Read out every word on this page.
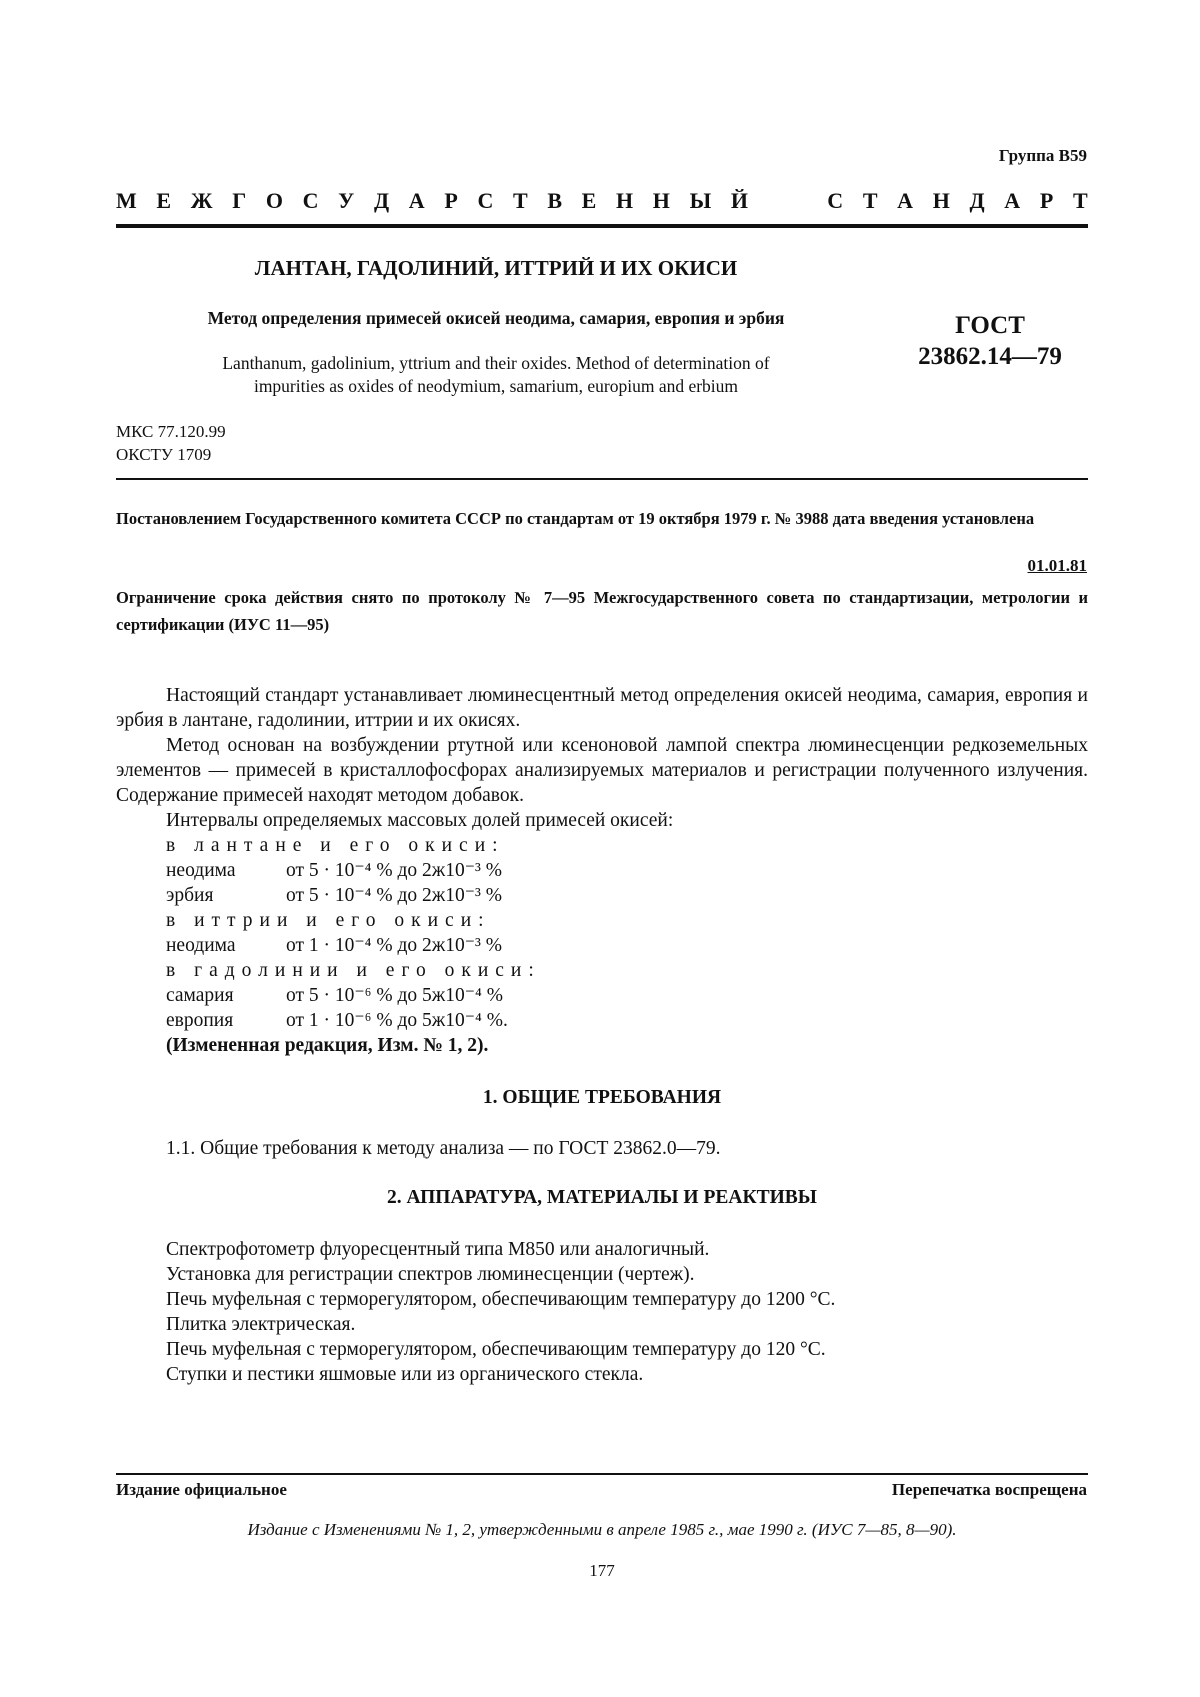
Группа В59
М Е Ж Г О С У Д А Р С Т В Е Н Н Ы Й	С Т А Н Д А Р Т
ЛАНТАН, ГАДОЛИНИЙ, ИТТРИЙ И ИХ ОКИСИ
Метод определения примесей окисей неодима, самария, европия и эрбия
Lanthanum, gadolinium, yttrium and their oxides. Method of determination of
impurities as oxides of neodymium, samarium, europium and erbium
ГОСТ
23862.14—79
МКС 77.120.99
ОКСТУ 1709
Постановлением Государственного комитета СССР по стандартам от 19 октября 1979 г. № 3988 дата введения установлена
01.01.81
Ограничение срока действия снято по протоколу № 7—95 Межгосударственного совета по стандартизации, метрологии и сертификации (ИУС 11—95)

Настоящий стандарт устанавливает люминесцентный метод определения окисей неодима, самария, европия и эрбия в лантане, гадолинии, иттрии и их окисях.

Метод основан на возбуждении ртутной или ксеноновой лампой спектра люминесценции редкоземельных элементов — примесей в кристаллофосфорах анализируемых материалов и регистрации полученного излучения. Содержание примесей находят методом добавок.

Интервалы определяемых массовых долей примесей окисей:

в лантане и его окиси:

неодима	от 5 · 10⁻⁴ % до 2ж10⁻³ %
эрбия	от 5 · 10⁻⁴ % до 2ж10⁻³ %

в иттрии и его окиси:

неодима	от 1 · 10⁻⁴ % до 2ж10⁻³ %

в гадолинии и его окиси:

самария	от 5 · 10⁻⁶ % до 5ж10⁻⁴ %
европия	от 1 · 10⁻⁶ % до 5ж10⁻⁴ %.

(Измененная редакция, Изм. № 1, 2).

1. ОБЩИЕ ТРЕБОВАНИЯ

1.1. Общие требования к методу анализа — по ГОСТ 23862.0—79.

2. АППАРАТУРА, МАТЕРИАЛЫ И РЕАКТИВЫ

Спектрофотометр флуоресцентный типа М850 или аналогичный.

Установка для регистрации спектров люминесценции (чертеж).

Печь муфельная с терморегулятором, обеспечивающим температуру до 1200 °С.

Плитка электрическая.

Печь муфельная с терморегулятором, обеспечивающим температуру до 120 °С.

Ступки и пестики яшмовые или из органического стекла.

Издание официальное	Перепечатка воспрещена
Издание с Изменениями № 1, 2, утвержденными в апреле 1985 г., мае 1990 г. (ИУС 7—85, 8—90).
177
